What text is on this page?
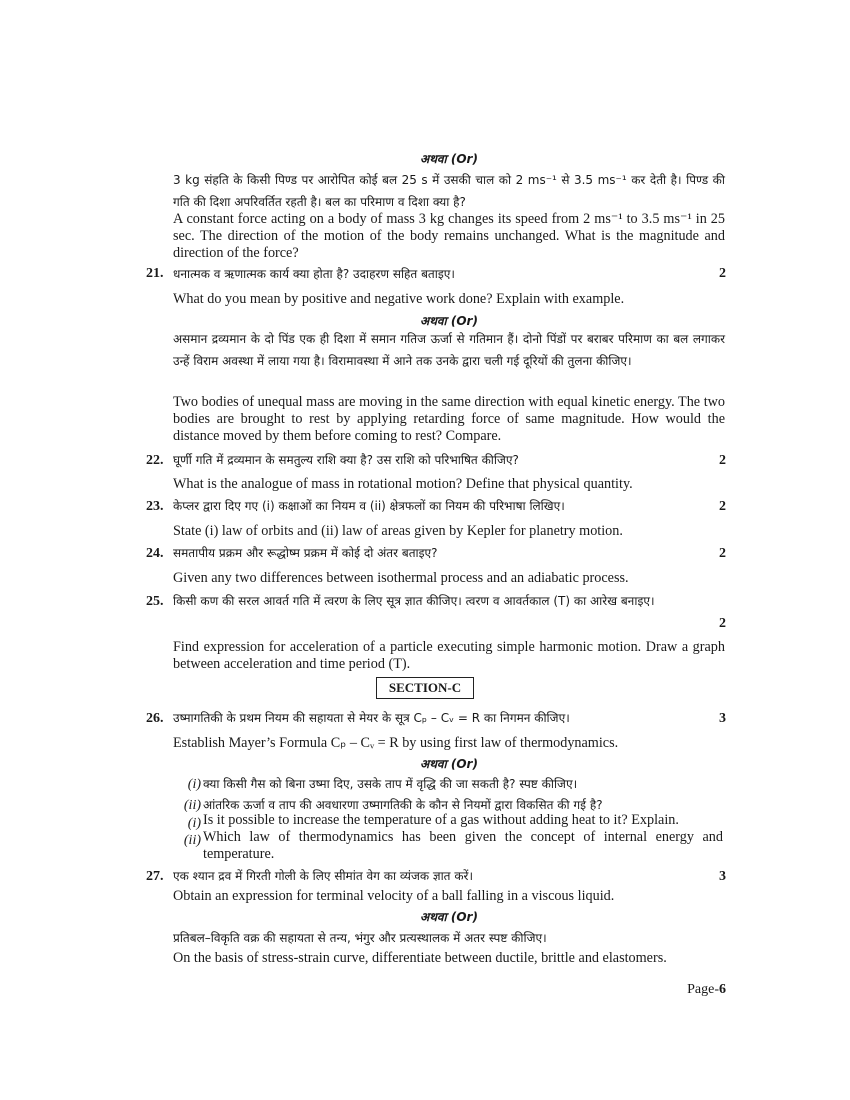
अथवा (Or)
3 kg संहति के किसी पिण्ड पर आरोपित कोई बल 25 s में उसकी चाल को 2 ms⁻¹ से 3.5 ms⁻¹ कर देती है। पिण्ड की गति की दिशा अपरिवर्तित रहती है। बल का परिमाण व दिशा क्या है?
A constant force acting on a body of mass 3 kg changes its speed from 2 ms⁻¹ to 3.5 ms⁻¹ in 25 sec. The direction of the motion of the body remains unchanged. What is the magnitude and direction of the force?
21. धनात्मक व ऋणात्मक कार्य क्या होता है? उदाहरण सहित बताइए।	2
What do you mean by positive and negative work done? Explain with example.
अथवा (Or)
असमान द्रव्यमान के दो पिंड एक ही दिशा में समान गतिज ऊर्जा से गतिमान हैं। दोनो पिंडों पर बराबर परिमाण का बल लगाकर उन्हें विराम अवस्था में लाया गया है। विरामावस्था में आने तक उनके द्वारा चली गई दूरियों की तुलना कीजिए।
Two bodies of unequal mass are moving in the same direction with equal kinetic energy. The two bodies are brought to rest by applying retarding force of same magnitude. How would the distance moved by them before coming to rest? Compare.
22. घूर्णी गति में द्रव्यमान के समतुल्य राशि क्या है? उस राशि को परिभाषित कीजिए?	2
What is the analogue of mass in rotational motion? Define that physical quantity.
23. केप्लर द्वारा दिए गए (i) कक्षाओं का नियम व (ii) क्षेत्रफलों का नियम की परिभाषा लिखिए।	2
State (i) law of orbits and (ii) law of areas given by Kepler for planetry motion.
24. समतापीय प्रक्रम और रूद्धोष्म प्रक्रम में कोई दो अंतर बताइए?	2
Given any two differences between isothermal process and an adiabatic process.
25. किसी कण की सरल आवर्त गति में त्वरण के लिए सूत्र ज्ञात कीजिए। त्वरण व आवर्तकाल (T) का आरेख बनाइए।
2
Find expression for acceleration of a particle executing simple harmonic motion. Draw a graph between acceleration and time period (T).
SECTION-C
26. उष्मागतिकी के प्रथम नियम की सहायता से मेयर के सूत्र Cₚ – Cᵥ = R का निगमन कीजिए।	3
Establish Mayer’s Formula Cₚ – Cᵥ = R by using first law of thermodynamics.
अथवा (Or)
(i) क्या किसी गैस को बिना उष्मा दिए, उसके ताप में वृद्धि की जा सकती है? स्पष्ट कीजिए।
(ii) आंतरिक ऊर्जा व ताप की अवधारणा उष्मागतिकी के कौन से नियमों द्वारा विकसित की गई है?
(i) Is it possible to increase the temperature of a gas without adding heat to it? Explain.
(ii) Which law of thermodynamics has been given the concept of internal energy and temperature.
27. एक श्यान द्रव में गिरती गोली के लिए सीमांत वेग का व्यंजक ज्ञात करें।	3
Obtain an expression for terminal velocity of a ball falling in a viscous liquid.
अथवा (Or)
प्रतिबल–विकृति वक्र की सहायता से तन्य, भंगुर और प्रत्यस्थालक में अतर स्पष्ट कीजिए।
On the basis of stress-strain curve, differentiate between ductile, brittle and elastomers.
Page-6
